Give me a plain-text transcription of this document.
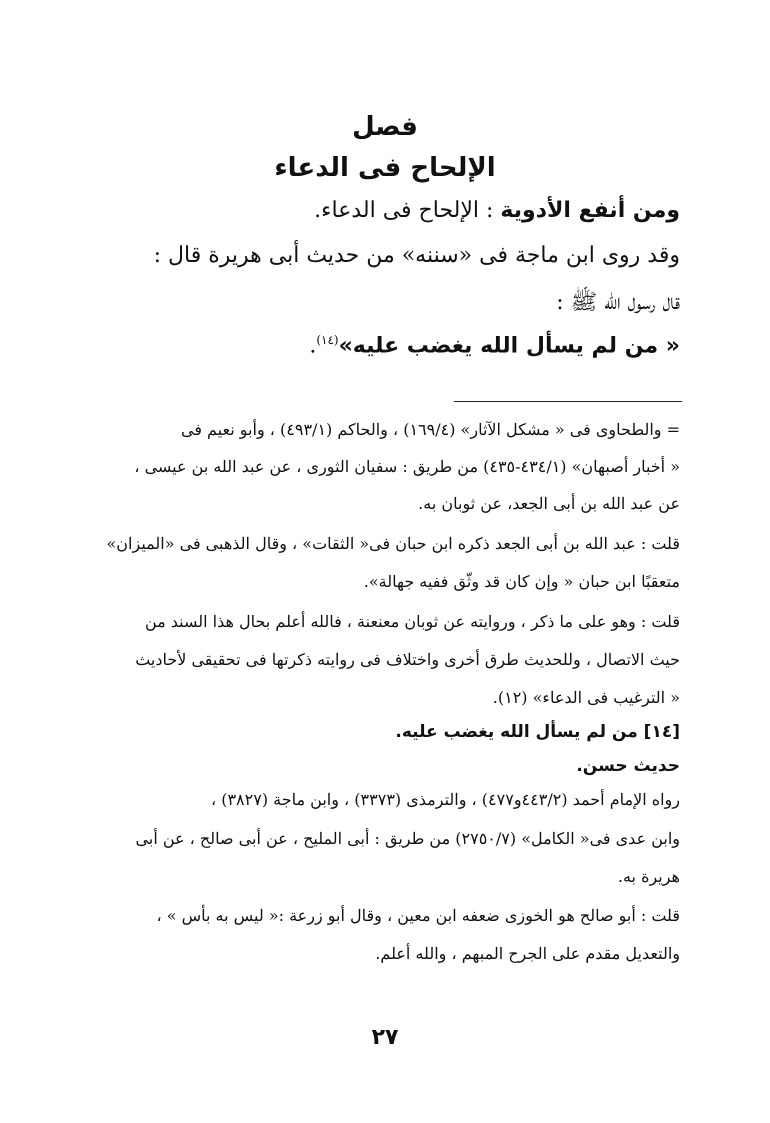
فصل
الإلحاح فى الدعاء
ومن أنفع الأدوية : الإلحاح فى الدعاء.
وقد روى ابن ماجة فى «سننه» من حديث أبى هريرة قال :
قال رسول الله ﷺ :
« من لم يسأل الله يغضب عليه»$^{(١٤)}$.
= والطحاوى فى « مشكل الآثار» (١٦٩/٤) ، والحاكم (٤٩٣/١) ، وأبو نعيم فى
« أخبار أصبهان» (٤٣٤/١-٤٣٥) من طريق : سفيان الثورى ، عن عبد الله بن عيسى ،
عن عبد الله بن أبى الجعد، عن ثوبان به.
قلت : عبد الله بن أبى الجعد ذكره ابن حبان فى« الثقات» ، وقال الذهبى فى «الميزان»
متعقبًا ابن حبان « وإن كان قد وثّق ففيه جهالة».
قلت : وهو على ما ذكر ، وروايته عن ثوبان معنعنة ، فالله أعلم بحال هذا السند من
حيث الاتصال ، وللحديث طرق أخرى واختلاف فى روايته ذكرتها فى تحقيقى لأحاديث
« الترغيب فى الدعاء» (١٢).
[١٤] من لم يسأل الله يغضب عليه.
حديث حسن.
رواه الإمام أحمد (٤٤٣/٢و٤٧٧) ، والترمذى (٣٣٧٣) ، وابن ماجة (٣٨٢٧) ،
وابن عدى فى« الكامل» (٢٧٥٠/٧) من طريق : أبى المليح ، عن أبى صالح ، عن أبى
هريرة به.
قلت : أبو صالح هو الخوزى ضعفه ابن معين ، وقال أبو زرعة :« ليس به بأس » ،
والتعديل مقدم على الجرح المبهم ، والله أعلم.
٢٧
